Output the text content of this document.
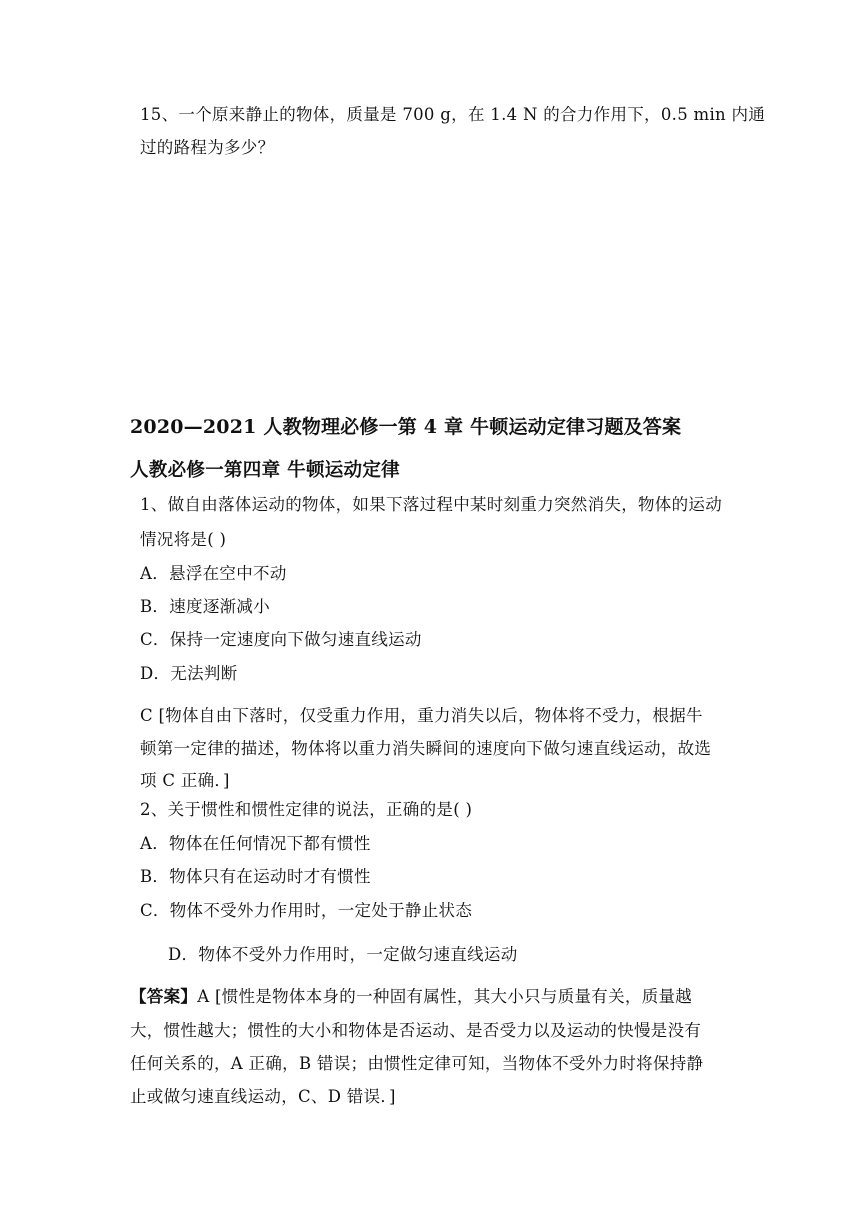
15、一个原来静止的物体，质量是 700 g，在 1.4 N 的合力作用下，0.5 min 内通
过的路程为多少？
2020—2021 人教物理必修一第 4 章 牛顿运动定律习题及答案
人教必修一第四章 牛顿运动定律
1、做自由落体运动的物体，如果下落过程中某时刻重力突然消失，物体的运动
情况将是( )
A．悬浮在空中不动
B．速度逐渐减小
C．保持一定速度向下做匀速直线运动
D．无法判断
C [物体自由下落时，仅受重力作用，重力消失以后，物体将不受力，根据牛
顿第一定律的描述，物体将以重力消失瞬间的速度向下做匀速直线运动，故选
项 C 正确．]
2、关于惯性和惯性定律的说法，正确的是( )
A．物体在任何情况下都有惯性
B．物体只有在运动时才有惯性
C．物体不受外力作用时，一定处于静止状态
D．物体不受外力作用时，一定做匀速直线运动
【答案】A [惯性是物体本身的一种固有属性，其大小只与质量有关，质量越
大，惯性越大；惯性的大小和物体是否运动、是否受力以及运动的快慢是没有
任何关系的，A 正确，B 错误；由惯性定律可知，当物体不受外力时将保持静
止或做匀速直线运动，C、D 错误．]
